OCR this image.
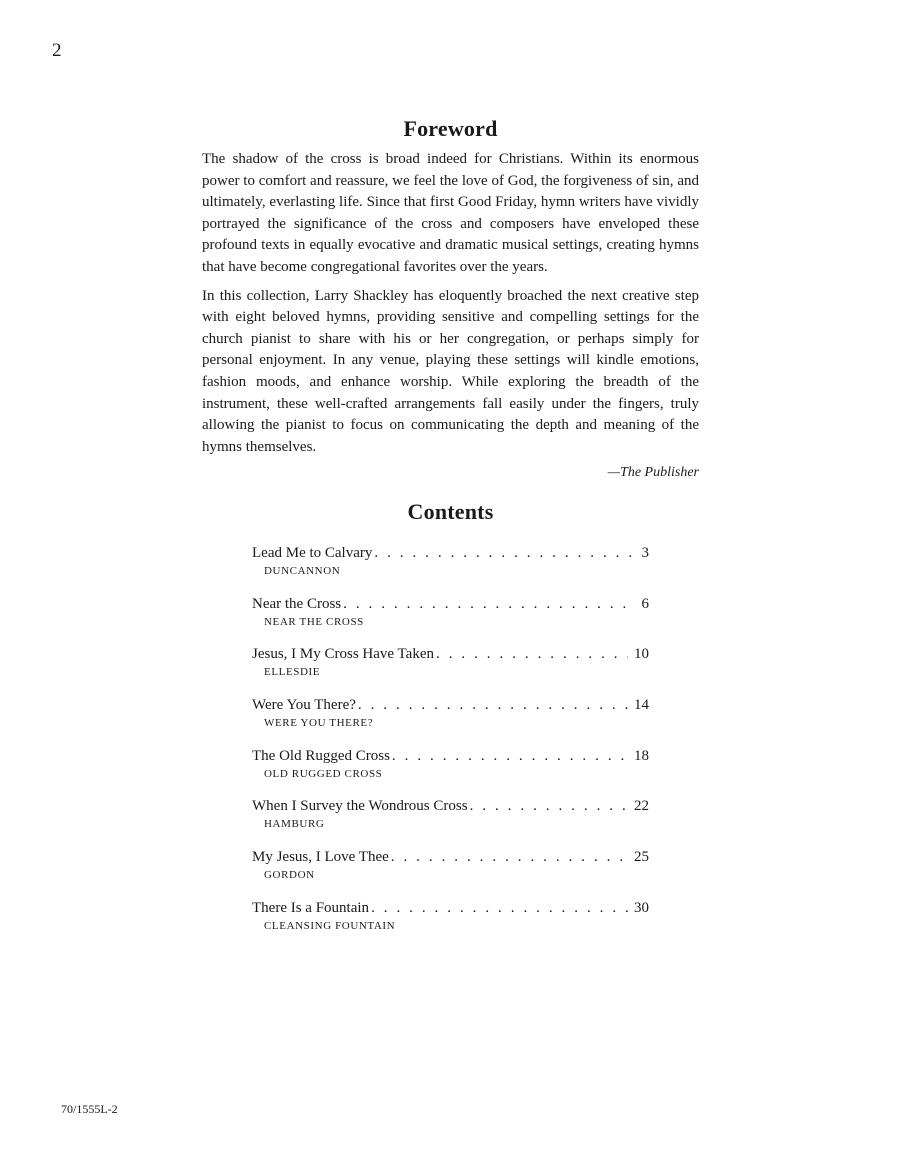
2
Foreword

The shadow of the cross is broad indeed for Christians. Within its enormous power to comfort and reassure, we feel the love of God, the forgiveness of sin, and ultimately, everlasting life. Since that first Good Friday, hymn writers have vividly portrayed the significance of the cross and composers have enveloped these profound texts in equally evocative and dramatic musical settings, creating hymns that have become congregational favorites over the years.

In this collection, Larry Shackley has eloquently broached the next creative step with eight beloved hymns, providing sensitive and compelling settings for the church pianist to share with his or her congregation, or perhaps simply for personal enjoyment. In any venue, playing these settings will kindle emotions, fashion moods, and enhance worship. While exploring the breadth of the instrument, these well-crafted arrangements fall easily under the fingers, truly allowing the pianist to focus on communicating the depth and meaning of the hymns themselves.

—The Publisher
Contents
Lead Me to Calvary . . .	3
DUNCANNON
Near the Cross . . .	6
NEAR THE CROSS
Jesus, I My Cross Have Taken . . .	10
ELLESDIE
Were You There? . . .	14
WERE YOU THERE?
The Old Rugged Cross . . .	18
OLD RUGGED CROSS
When I Survey the Wondrous Cross . . .	22
HAMBURG
My Jesus, I Love Thee . . .	25
GORDON
There Is a Fountain . . .	30
CLEANSING FOUNTAIN
70/1555L-2
